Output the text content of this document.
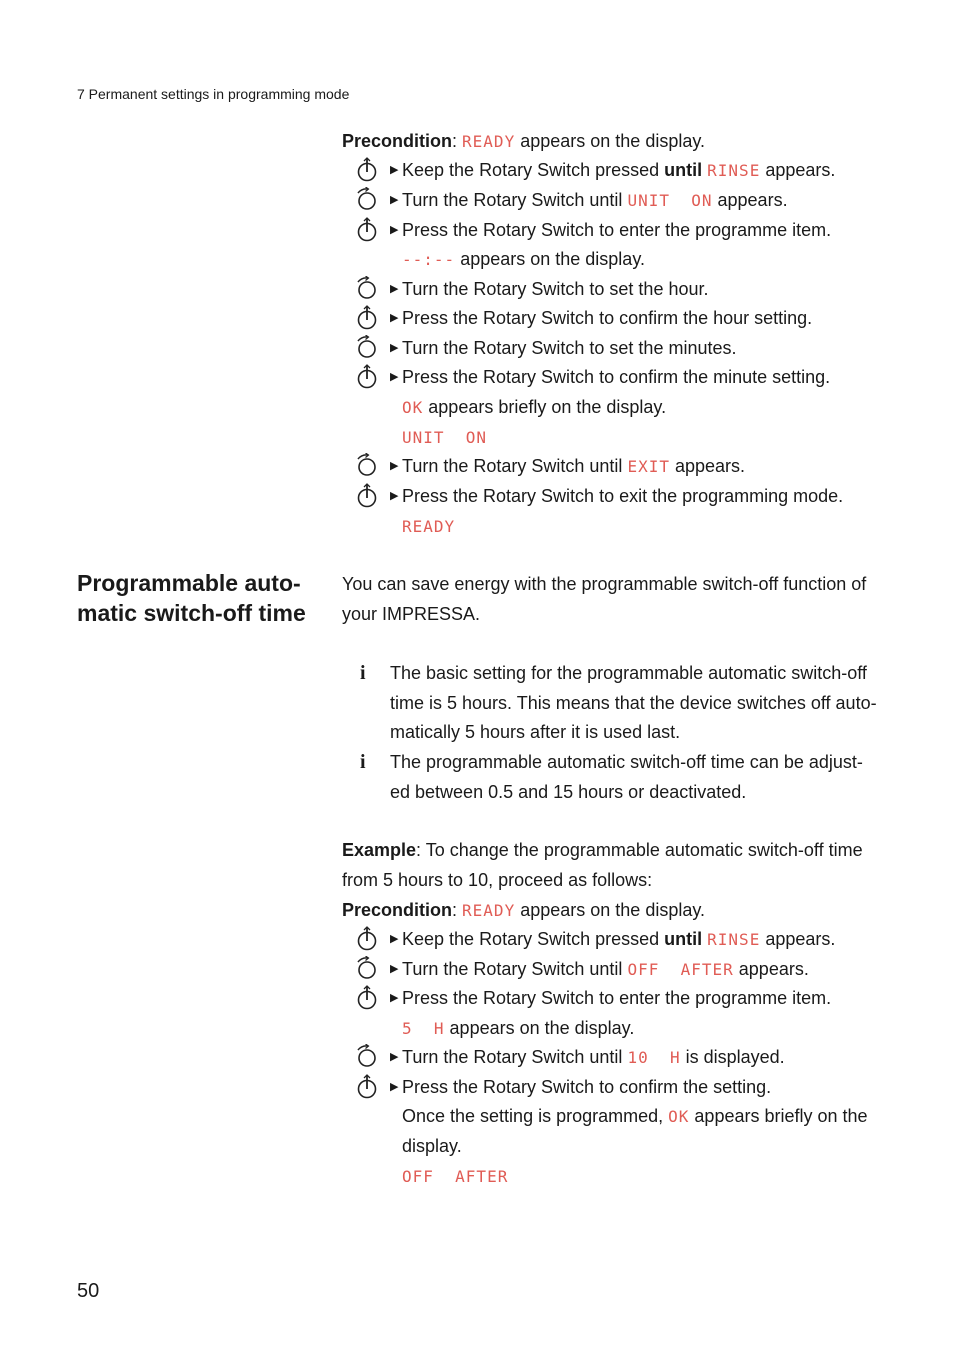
7 Permanent settings in programming mode
Precondition: READY appears on the display.
▶ Keep the Rotary Switch pressed until RINSE appears.
▶ Turn the Rotary Switch until UNIT  ON appears.
▶ Press the Rotary Switch to enter the programme item.
--:-- appears on the display.
▶ Turn the Rotary Switch to set the hour.
▶ Press the Rotary Switch to confirm the hour setting.
▶ Turn the Rotary Switch to set the minutes.
▶ Press the Rotary Switch to confirm the minute setting.
OK appears briefly on the display.
UNIT  ON
▶ Turn the Rotary Switch until EXIT appears.
▶ Press the Rotary Switch to exit the programming mode.
READY
Programmable auto-matic switch-off time
You can save energy with the programmable switch-off function of your IMPRESSA.
i	The basic setting for the programmable automatic switch-off time is 5 hours. This means that the device switches off auto-matically 5 hours after it is used last.
i	The programmable automatic switch-off time can be adjust-ed between 0.5 and 15 hours or deactivated.
Example: To change the programmable automatic switch-off time from 5 hours to 10, proceed as follows:
Precondition: READY appears on the display.
▶ Keep the Rotary Switch pressed until RINSE appears.
▶ Turn the Rotary Switch until OFF  AFTER appears.
▶ Press the Rotary Switch to enter the programme item.
5  H appears on the display.
▶ Turn the Rotary Switch until 10  H is displayed.
▶ Press the Rotary Switch to confirm the setting.
Once the setting is programmed, OK appears briefly on the display.
OFF  AFTER
50
